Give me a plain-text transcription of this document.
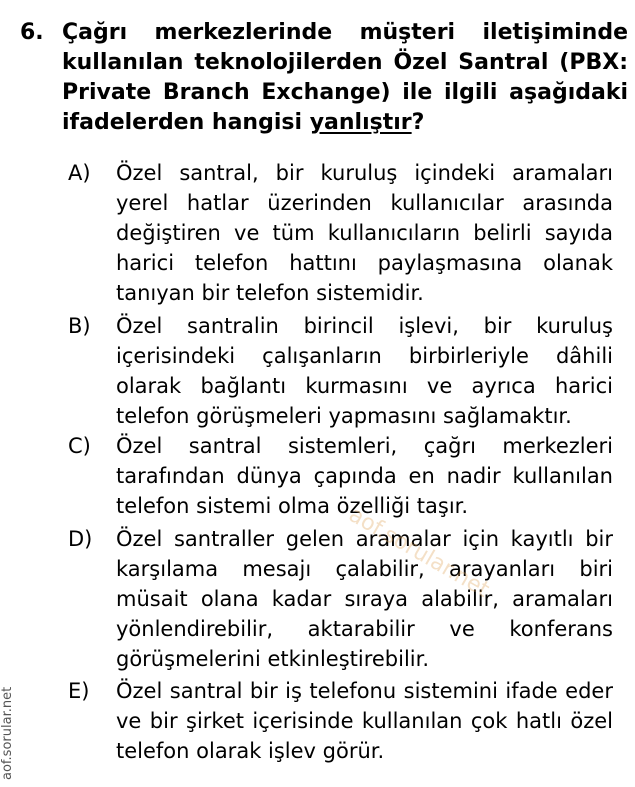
6. Çağrı merkezlerinde müşteri iletişiminde kullanılan teknolojilerden Özel Santral (PBX: Private Branch Exchange) ile ilgili aşağıdaki ifadelerden hangisi yanlıştır?
A) Özel santral, bir kuruluş içindeki aramaları yerel hatlar üzerinden kullanıcılar arasında değiştiren ve tüm kullanıcıların belirli sayıda harici telefon hattını paylaşmasına olanak tanıyan bir telefon sistemidir.
B) Özel santralin birincil işlevi, bir kuruluş içerisindeki çalışanların birbirleriyle dâhili olarak bağlantı kurmasını ve ayrıca harici telefon görüşmeleri yapmasını sağlamaktır.
C) Özel santral sistemleri, çağrı merkezleri tarafından dünya çapında en nadir kullanılan telefon sistemi olma özelliği taşır.
D) Özel santraller gelen aramalar için kayıtlı bir karşılama mesajı çalabilir, arayanları biri müsait olana kadar sıraya alabilir, aramaları yönlendirebilir, aktarabilir ve konferans görüşmelerini etkinleştirebilir.
E) Özel santral bir iş telefonu sistemini ifade eder ve bir şirket içerisinde kullanılan çok hatlı özel telefon olarak işlev görür.
aof.sorular.net
aof.sorular.net
